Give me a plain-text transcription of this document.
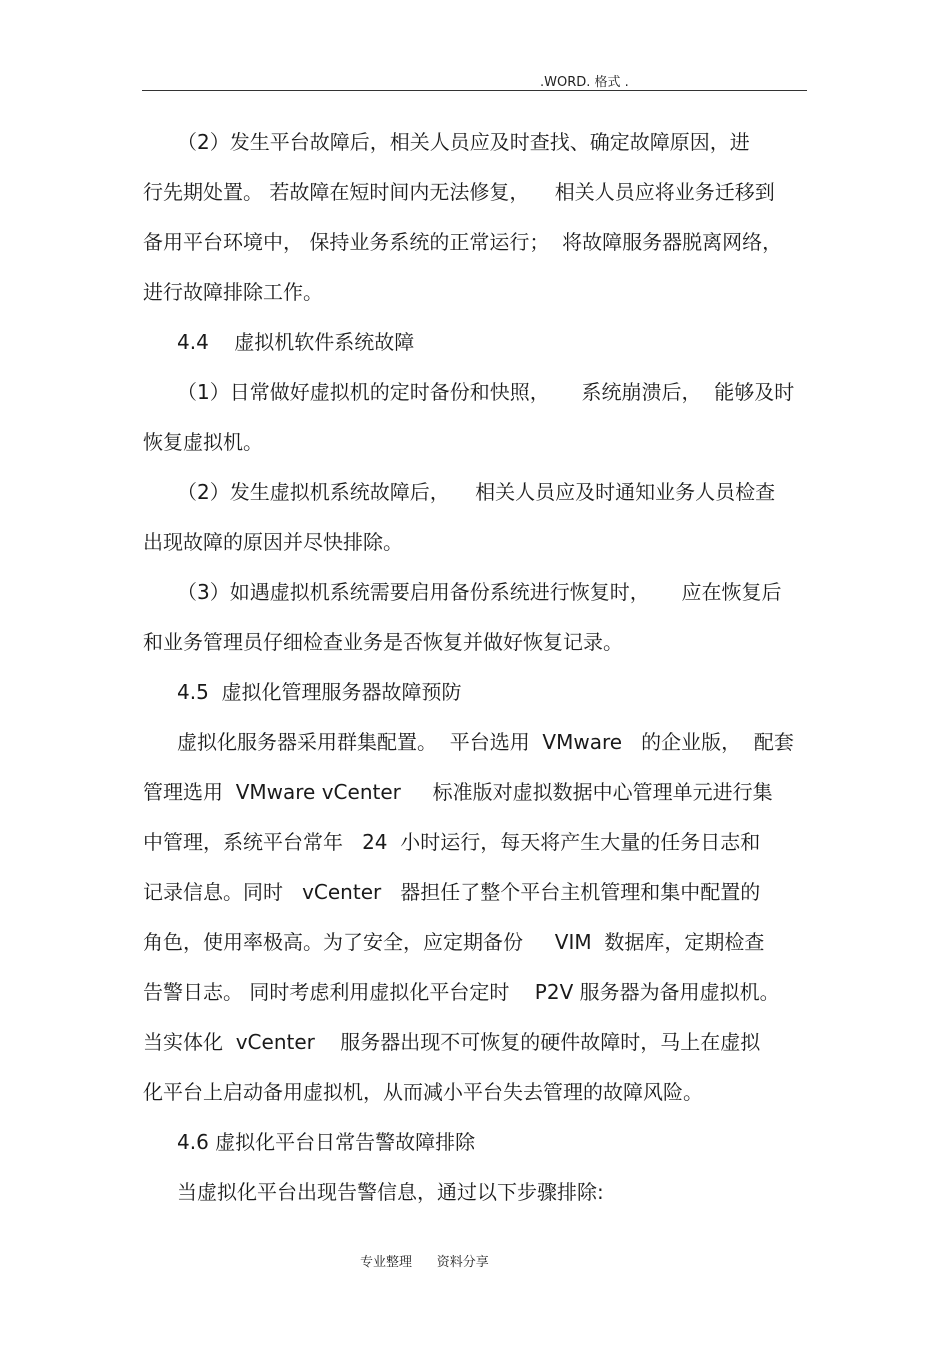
.WORD. 格式 .
（2）发生平台故障后，相关人员应及时查找、确定故障原因，进
行先期处置。 若故障在短时间内无法修复，    相关人员应将业务迁移到
备用平台环境中， 保持业务系统的正常运行；  将故障服务器脱离网络，
进行故障排除工作。
4.4    虚拟机软件系统故障
（1）日常做好虚拟机的定时备份和快照，     系统崩溃后，  能够及时
恢复虚拟机。
（2）发生虚拟机系统故障后，    相关人员应及时通知业务人员检查
出现故障的原因并尽快排除。
（3）如遇虚拟机系统需要启用备份系统进行恢复时，     应在恢复后
和业务管理员仔细检查业务是否恢复并做好恢复记录。
4.5  虚拟化管理服务器故障预防
虚拟化服务器采用群集配置。  平台选用  VMware   的企业版，  配套
管理选用  VMware vCenter     标准版对虚拟数据中心管理单元进行集
中管理，系统平台常年   24  小时运行，每天将产生大量的任务日志和
记录信息。同时   vCenter   器担任了整个平台主机管理和集中配置的
角色，使用率极高。为了安全，应定期备份     VIM  数据库，定期检查
告警日志。 同时考虑利用虚拟化平台定时    P2V 服务器为备用虚拟机。
当实体化  vCenter    服务器出现不可恢复的硬件故障时，马上在虚拟
化平台上启动备用虚拟机，从而减小平台失去管理的故障风险。
4.6 虚拟化平台日常告警故障排除
当虚拟化平台出现告警信息，通过以下步骤排除:
专业整理      资料分享
